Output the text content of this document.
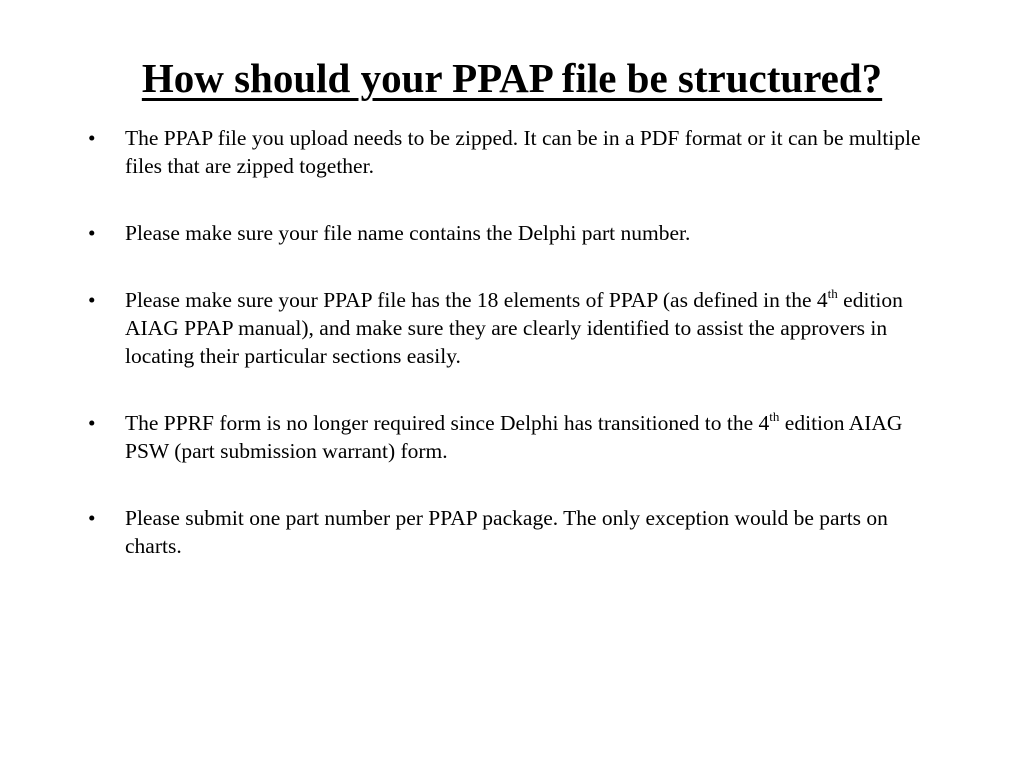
How should your PPAP file be structured?
• The PPAP file you upload needs to be zipped. It can be in a PDF format or it can be multiple files that are zipped together.
• Please make sure your file name contains the Delphi part number.
• Please make sure your PPAP file has the 18 elements of PPAP (as defined in the 4th edition AIAG PPAP manual), and make sure they are clearly identified to assist the approvers in locating their particular sections easily.
• The PPRF form is no longer required since Delphi has transitioned to the 4th edition AIAG PSW (part submission warrant) form.
• Please submit one part number per PPAP package. The only exception would be parts on charts.
